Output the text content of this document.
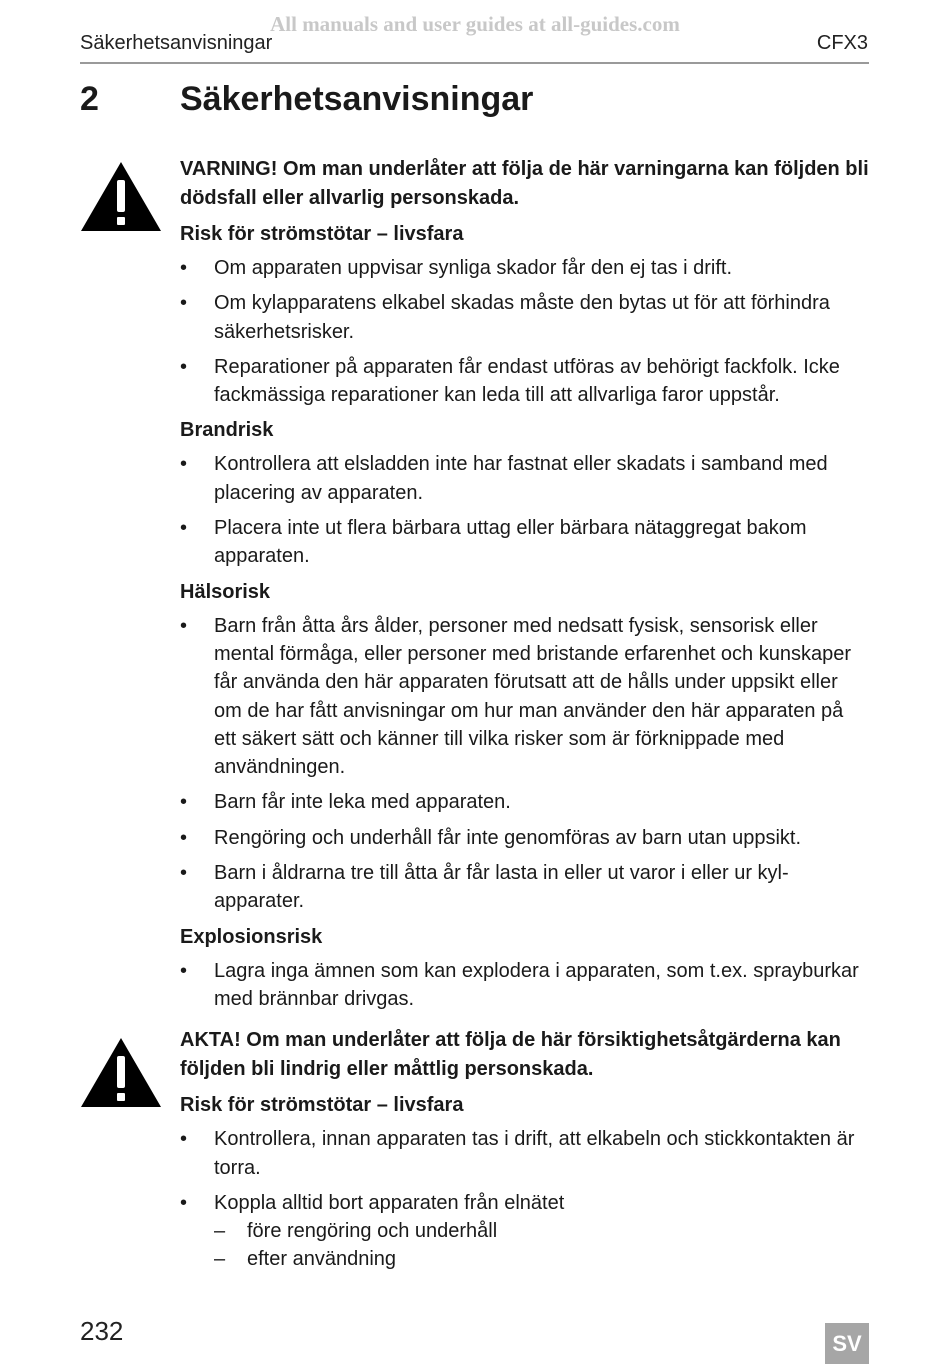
All manuals and user guides at all-guides.com
Säkerhetsanvisningar	CFX3
2 Säkerhetsanvisningar
VARNING! Om man underlåter att följa de här varningarna kan följden bli dödsfall eller allvarlig personskada.
Risk för strömstötar – livsfara
• Om apparaten uppvisar synliga skador får den ej tas i drift.
• Om kylapparatens elkabel skadas måste den bytas ut för att förhindra säkerhetsrisker.
• Reparationer på apparaten får endast utföras av behörigt fackfolk. Icke fackmässiga reparationer kan leda till att allvarliga faror uppstår.
Brandrisk
• Kontrollera att elsladden inte har fastnat eller skadats i samband med placering av apparaten.
• Placera inte ut flera bärbara uttag eller bärbara nätaggregat bakom apparaten.
Hälsorisk
• Barn från åtta års ålder, personer med nedsatt fysisk, sensorisk eller mental förmåga, eller personer med bristande erfarenhet och kunskaper får använda den här apparaten förutsatt att de hålls under uppsikt eller om de har fått anvisningar om hur man använder den här apparaten på ett säkert sätt och känner till vilka risker som är förknippade med användningen.
• Barn får inte leka med apparaten.
• Rengöring och underhåll får inte genomföras av barn utan uppsikt.
• Barn i åldrarna tre till åtta år får lasta in eller ut varor i eller ur kylapparater.
Explosionsrisk
• Lagra inga ämnen som kan explodera i apparaten, som t.ex. sprayburkar med brännbar drivgas.
AKTA! Om man underlåter att följa de här försiktighetsåtgärderna kan följden bli lindrig eller måttlig personskada.
Risk för strömstötar – livsfara
• Kontrollera, innan apparaten tas i drift, att elkabeln och stickkontakten är torra.
• Koppla alltid bort apparaten från elnätet
– före rengöring och underhåll
– efter användning
232	SV
